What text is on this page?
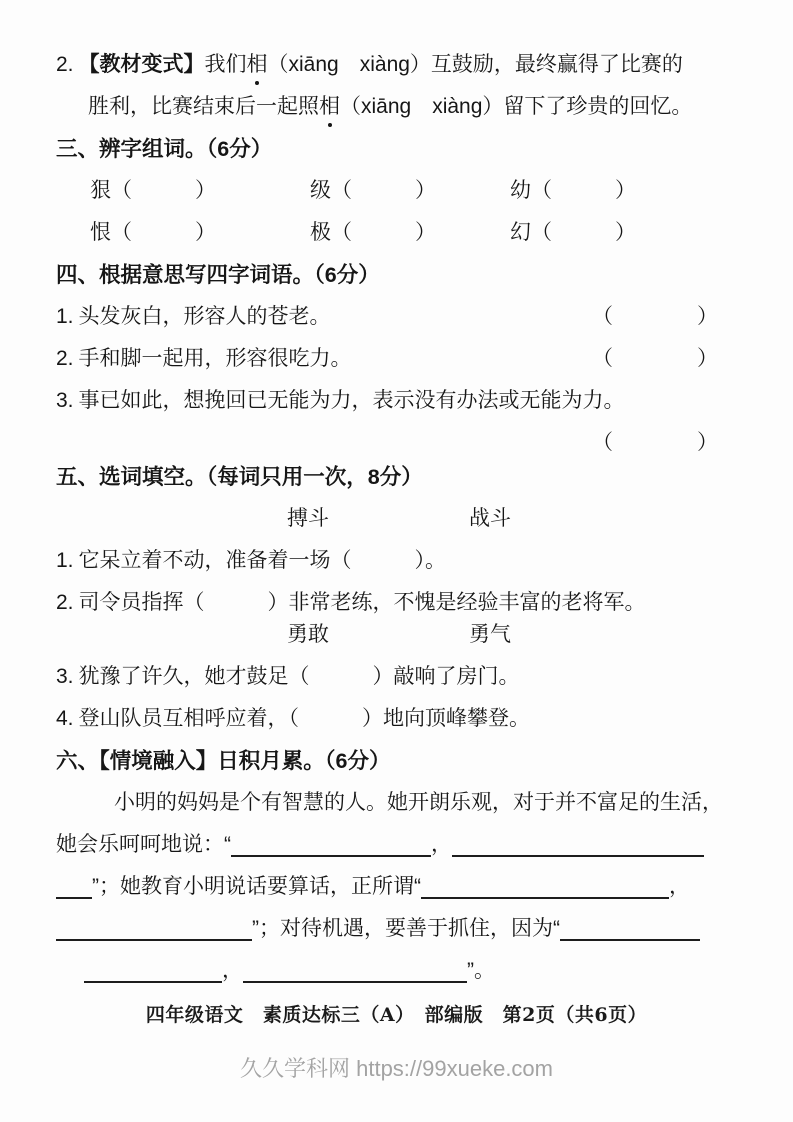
2. 【教材变式】我们相（xiāng　xiàng）互鼓励，最终赢得了比赛的
胜利，比赛结束后一起照相（xiāng　xiàng）留下了珍贵的回忆。
三、辨字组词。（6分）
狠（　　　）	级（　　　）	幼（　　　）
恨（　　　）	极（　　　）	幻（　　　）
四、根据意思写四字词语。（6分）
1. 头发灰白，形容人的苍老。	（　　　　）
2. 手和脚一起用，形容很吃力。	（　　　　）
3. 事已如此，想挽回已无能为力，表示没有办法或无能为力。
（　　　　）
五、选词填空。（每词只用一次，8分）
搏斗	战斗
1. 它呆立着不动，准备着一场（　　　）。
2. 司令员指挥（　　　）非常老练，不愧是经验丰富的老将军。
勇敢	勇气
3. 犹豫了许久，她才鼓足（　　　）敲响了房门。
4. 登山队员互相呼应着，（　　　）地向顶峰攀登。
六、【情境融入】日积月累。（6分）
小明的妈妈是个有智慧的人。她开朗乐观，对于并不富足的生活，
她会乐呵呵地说：“	，
”；她教育小明说话要算话，正所谓“	，
”；对待机遇，要善于抓住，因为“
，	”。
四年级语文　素质达标三（A）　部编版　第2页（共6页）
久久学科网 https://99xueke.com
